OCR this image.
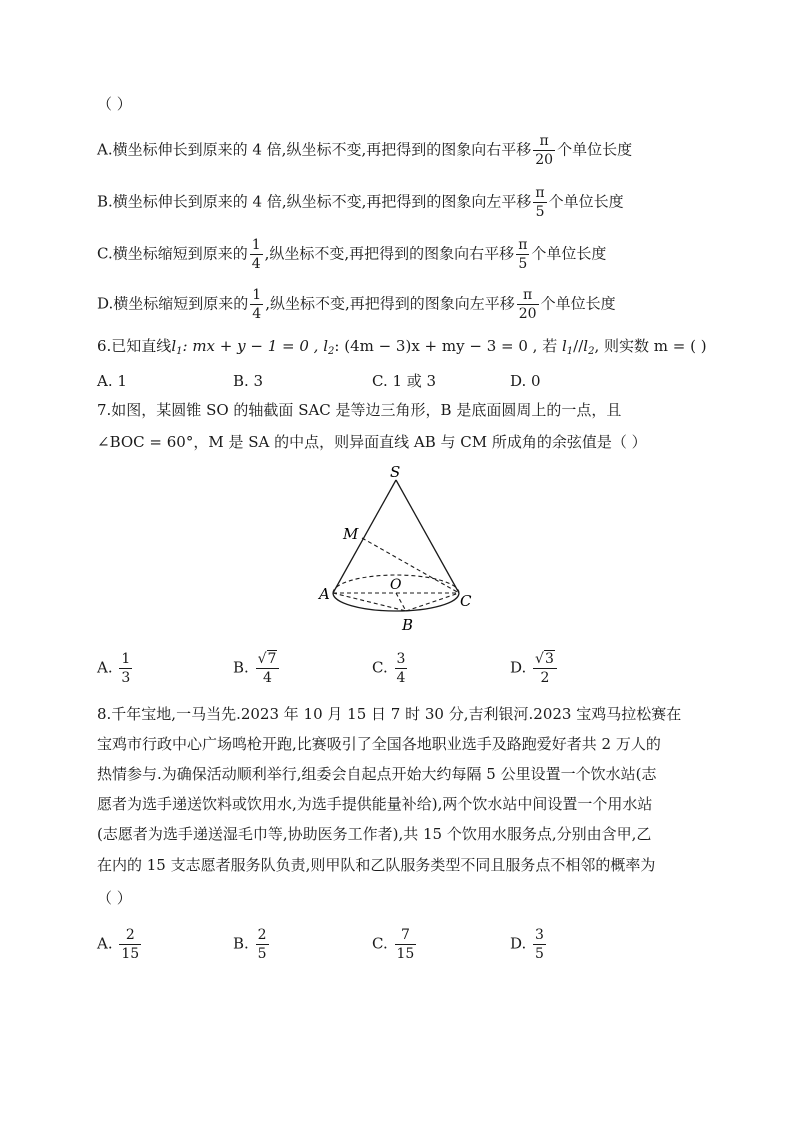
（ ）
A.横坐标伸长到原来的 4 倍,纵坐标不变,再把得到的图象向右平移 $\frac{\pi}{20}$ 个单位长度
B.横坐标伸长到原来的 4 倍,纵坐标不变,再把得到的图象向左平移 $\frac{\pi}{5}$ 个单位长度
C.横坐标缩短到原来的 $\frac{1}{4}$ ,纵坐标不变,再把得到的图象向右平移 $\frac{\pi}{5}$ 个单位长度
D.横坐标缩短到原来的 $\frac{1}{4}$ ,纵坐标不变,再把得到的图象向左平移 $\frac{\pi}{20}$ 个单位长度
6.已知直线$l_1$: mx + y − 1 = 0 , $l_2$: (4m − 3)x + my − 3 = 0 , 若 $l_1//l_2$, 则实数 m = ( )
A. 1	B. 3	C. 1 或 3	D. 0
7.如图，某圆锥 SO 的轴截面 SAC 是等边三角形，B 是底面圆周上的一点，且
∠BOC = 60°，M 是 SA 的中点，则异面直线 AB 与 CM 所成角的余弦值是（ ）
S
M
O
A	C
B
A. $\frac{1}{3}$	B. $\frac{√7}{4}$	C. $\frac{3}{4}$	D. $\frac{√3}{2}$
8.千年宝地,一马当先.2023 年 10 月 15 日 7 时 30 分,吉利银河.2023 宝鸡马拉松赛在
宝鸡市行政中心广场鸣枪开跑,比赛吸引了全国各地职业选手及路跑爱好者共 2 万人的
热情参与.为确保活动顺利举行,组委会自起点开始大约每隔 5 公里设置一个饮水站(志
愿者为选手递送饮料或饮用水,为选手提供能量补给),两个饮水站中间设置一个用水站
(志愿者为选手递送湿毛巾等,协助医务工作者),共 15 个饮用水服务点,分别由含甲,乙
在内的 15 支志愿者服务队负责,则甲队和乙队服务类型不同且服务点不相邻的概率为
（ ）
A. $\frac{2}{15}$	B. $\frac{2}{5}$	C. $\frac{7}{15}$	D. $\frac{3}{5}$
